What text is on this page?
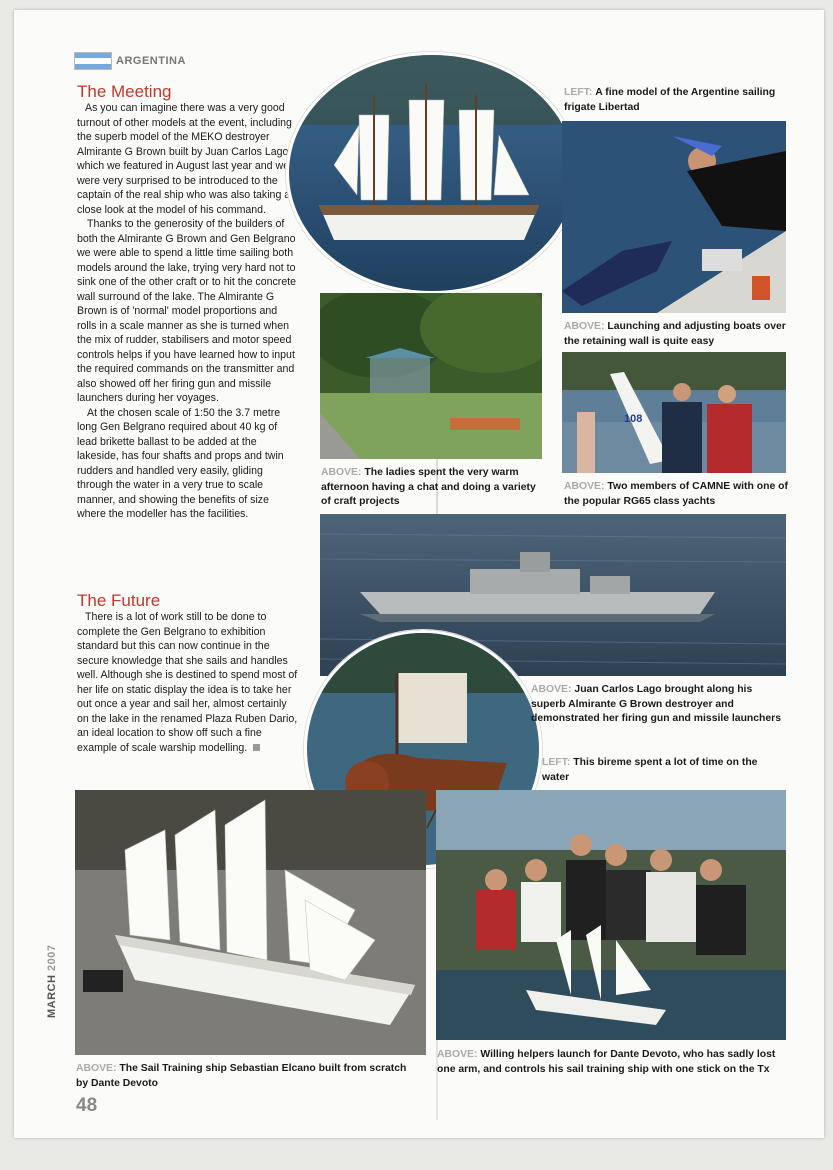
ARGENTINA
The Meeting

As you can imagine there was a very good turnout of other models at the event, including the superb model of the MEKO destroyer Almirante G Brown built by Juan Carlos Lago which we featured in August last year and we were very surprised to be introduced to the captain of the real ship who was also taking a close look at the model of his command.

Thanks to the generosity of the builders of both the Almirante G Brown and Gen Belgrano we were able to spend a little time sailing both models around the lake, trying very hard not to sink one of the other craft or to hit the concrete wall surround of the lake. The Almirante G Brown is of 'normal' model proportions and rolls in a scale manner as she is turned when the mix of rudder, stabilisers and motor speed controls helps if you have learned how to input the required commands on the transmitter and also showed off her firing gun and missile launchers during her voyages.

At the chosen scale of 1:50 the 3.7 metre long Gen Belgrano required about 40 kg of lead brikette ballast to be added at the lakeside, has four shafts and props and twin rudders and handled very easily, gliding through the water in a very true to scale manner, and showing the benefits of size where the modeller has the facilities.

The Future

There is a lot of work still to be done to complete the Gen Belgrano to exhibition standard but this can now continue in the secure knowledge that she sails and handles well. Although she is destined to spend most of her life on static display the idea is to take her out once a year and sail her, almost certainly on the lake in the renamed Plaza Ruben Dario, an ideal location to show off such a fine example of scale warship modelling.

LEFT: A fine model of the Argentine sailing frigate Libertad
ABOVE: Launching and adjusting boats over the retaining wall is quite easy
ABOVE: The ladies spent the very warm afternoon having a chat and doing a variety of craft projects
108
ABOVE: Two members of CAMNE with one of the popular RG65 class yachts
ABOVE: Juan Carlos Lago brought along his superb Almirante G Brown destroyer and demonstrated her firing gun and missile launchers
LEFT: This bireme spent a lot of time on the water
ABOVE: The Sail Training ship Sebastian Elcano built from scratch by Dante Devoto
ABOVE: Willing helpers launch for Dante Devoto, who has sadly lost one arm, and controls his sail training ship with one stick on the Tx
MARCH 2007
48
